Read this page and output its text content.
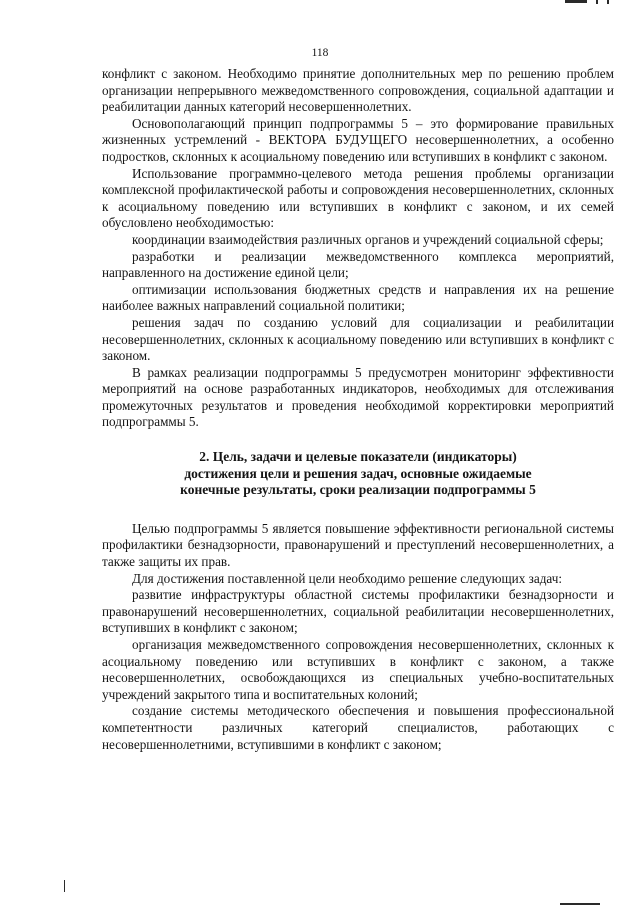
118

конфликт с законом. Необходимо принятие дополнительных мер по решению проблем организации непрерывного межведомственного сопровождения, социальной адаптации и реабилитации данных категорий несовершеннолетних.

Основополагающий принцип подпрограммы 5 – это формирование правильных жизненных устремлений - ВЕКТОРА БУДУЩЕГО несовершеннолетних, а особенно подростков, склонных к асоциальному поведению или вступивших в конфликт с законом.

Использование программно-целевого метода решения проблемы организации комплексной профилактической работы и сопровождения несовершеннолетних, склонных к асоциальному поведению или вступивших в конфликт с законом, и их семей обусловлено необходимостью:

координации взаимодействия различных органов и учреждений социальной сферы;

разработки и реализации межведомственного комплекса мероприятий, направленного на достижение единой цели;

оптимизации использования бюджетных средств и направления их на решение наиболее важных направлений социальной политики;

решения задач по созданию условий для социализации и реабилитации несовершеннолетних, склонных к асоциальному поведению или вступивших в конфликт с законом.

В рамках реализации подпрограммы 5 предусмотрен мониторинг эффективности мероприятий на основе разработанных индикаторов, необходимых для отслеживания промежуточных результатов и проведения необходимой корректировки мероприятий подпрограммы 5.

2. Цель, задачи и целевые показатели (индикаторы)
достижения цели и решения задач, основные ожидаемые
конечные результаты, сроки реализации подпрограммы 5

Целью подпрограммы 5 является повышение эффективности региональной системы профилактики безнадзорности, правонарушений и преступлений несовершеннолетних, а также защиты их прав.

Для достижения поставленной цели необходимо решение следующих задач:

развитие инфраструктуры областной системы профилактики безнадзорности и правонарушений несовершеннолетних, социальной реабилитации несовершеннолетних, вступивших в конфликт с законом;

организация межведомственного сопровождения несовершеннолетних, склонных к асоциальному поведению или вступивших в конфликт с законом, а также несовершеннолетних, освобождающихся из специальных учебно-воспитательных учреждений закрытого типа и воспитательных колоний;

создание системы методического обеспечения и повышения профессиональной компетентности различных категорий специалистов, работающих с несовершеннолетними, вступившими в конфликт с законом;
